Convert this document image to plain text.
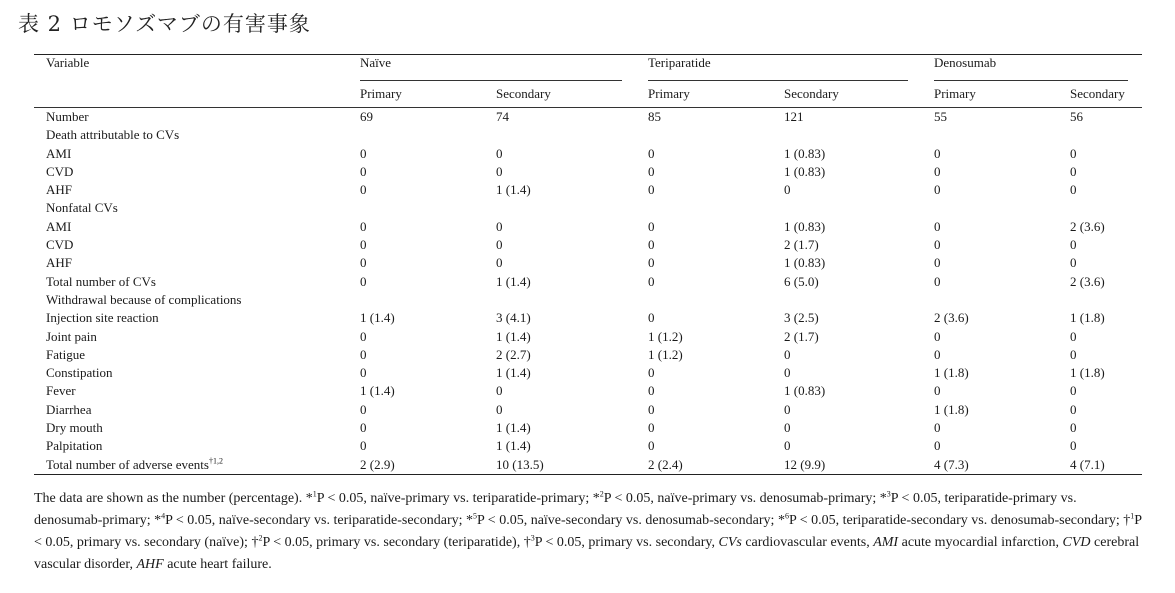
表 2 ロモソズマブの有害事象

Variable	Naïve		Teriparatide		Denosumab	

	Primary	Secondary	Primary	Secondary	Primary	Secondary

Number	69	74	85	121	55	56
Death attributable to CVs						
AMI	0	0	0	1 (0.83)	0	0
CVD	0	0	0	1 (0.83)	0	0
AHF	0	1 (1.4)	0	0	0	0
Nonfatal CVs						
AMI	0	0	0	1 (0.83)	0	2 (3.6)
CVD	0	0	0	2 (1.7)	0	0
AHF	0	0	0	1 (0.83)	0	0
Total number of CVs	0	1 (1.4)	0	6 (5.0)	0	2 (3.6)
Withdrawal because of complications						
Injection site reaction	1 (1.4)	3 (4.1)	0	3 (2.5)	2 (3.6)	1 (1.8)
Joint pain	0	1 (1.4)	1 (1.2)	2 (1.7)	0	0
Fatigue	0	2 (2.7)	1 (1.2)	0	0	0
Constipation	0	1 (1.4)	0	0	1 (1.8)	1 (1.8)
Fever	1 (1.4)	0	0	1 (0.83)	0	0
Diarrhea	0	0	0	0	1 (1.8)	0
Dry mouth	0	1 (1.4)	0	0	0	0
Palpitation	0	1 (1.4)	0	0	0	0
Total number of adverse events$^{\dagger 1,2}$	2 (2.9)	10 (13.5)	2 (2.4)	12 (9.9)	4 (7.3)	4 (7.1)

The data are shown as the number (percentage). *$^1$P < 0.05, naïve-primary vs. teriparatide-primary; *$^2$P < 0.05, naïve-primary vs. denosumab-primary; *$^3$P < 0.05, teriparatide-primary vs. denosumab-primary; *$^4$P < 0.05, naïve-secondary vs. teriparatide-secondary; *$^5$P < 0.05, naïve-secondary vs. denosumab-secondary; *$^6$P < 0.05, teriparatide-secondary vs. denosumab-secondary; †$^1$P < 0.05, primary vs. secondary (naïve); †$^2$P < 0.05, primary vs. secondary (teriparatide), †$^3$P < 0.05, primary vs. secondary, CVs cardiovascular events, AMI acute myocardial infarction, CVD cerebral vascular disorder, AHF acute heart failure.
